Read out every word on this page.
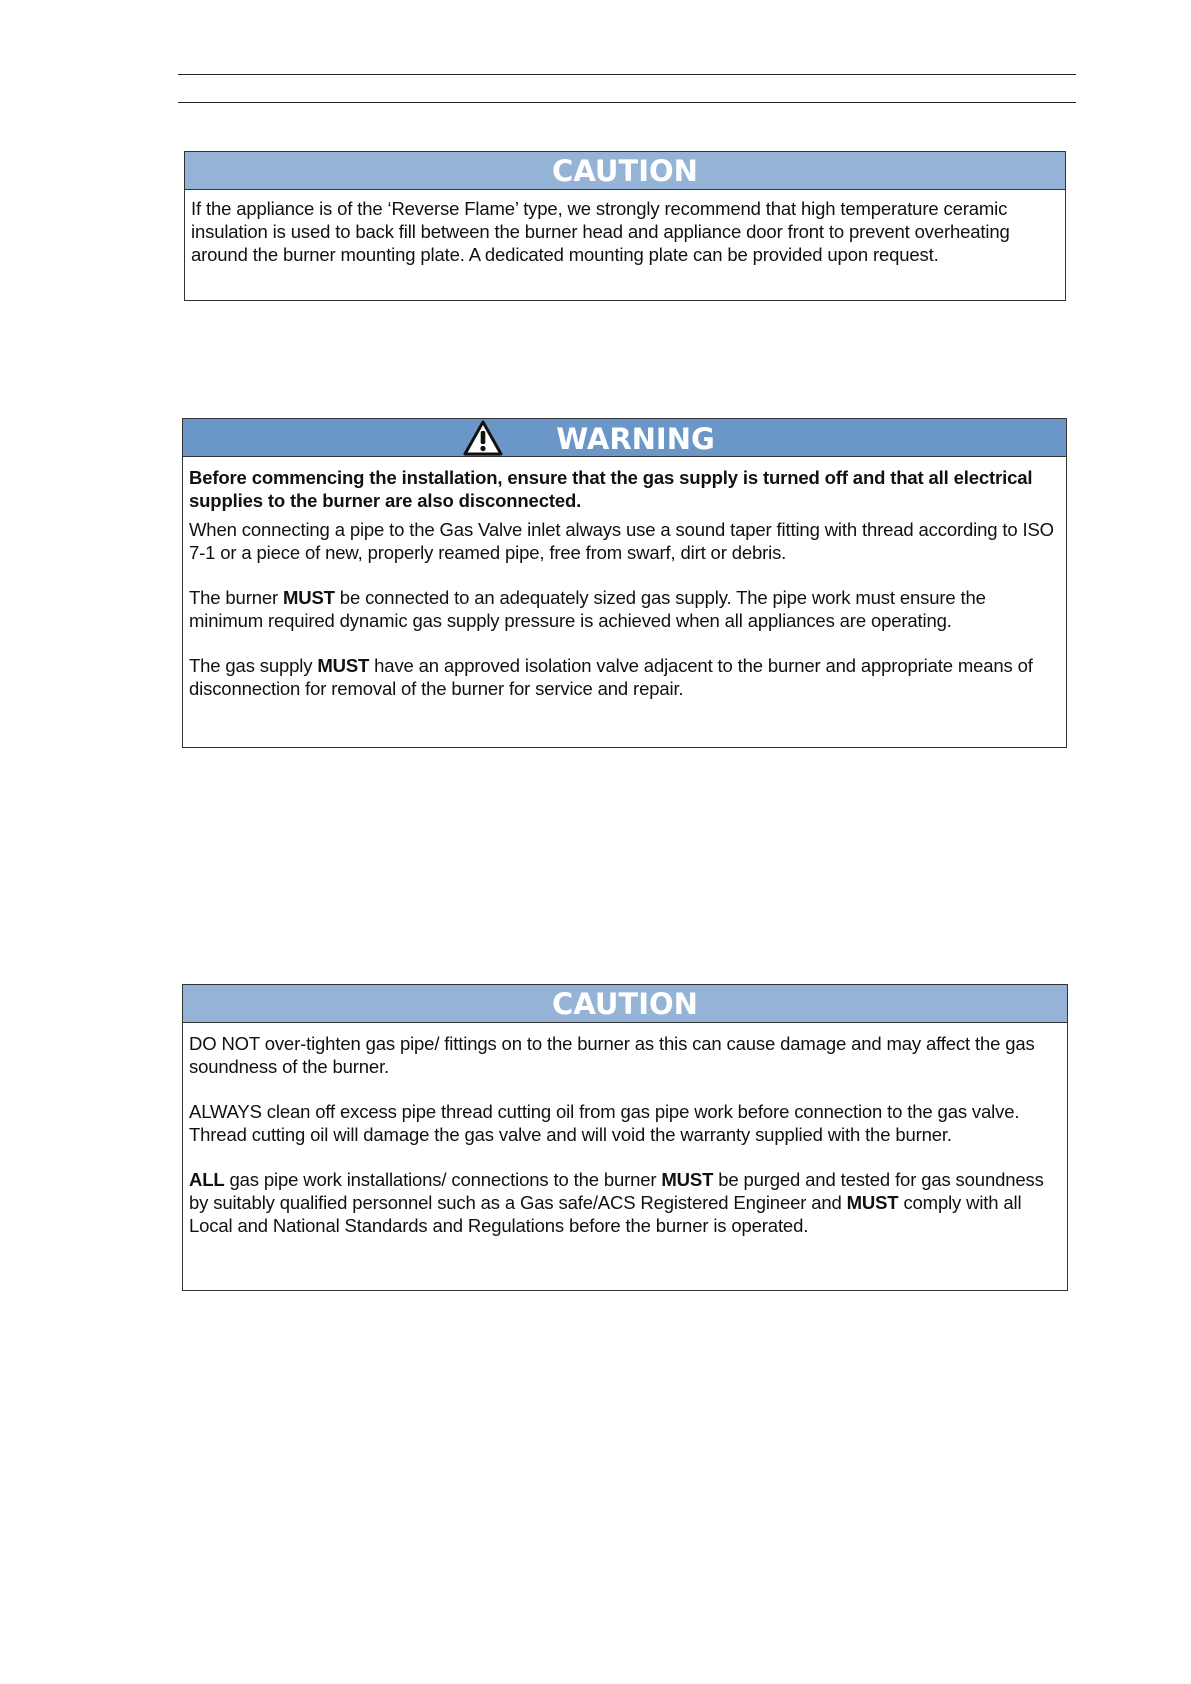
CAUTION

If the appliance is of the ‘Reverse Flame’ type, we strongly recommend that high temperature ceramic insulation is used to back fill between the burner head and appliance door front to prevent overheating around the burner mounting plate. A dedicated mounting plate can be provided upon request.

WARNING

Before commencing the installation, ensure that the gas supply is turned off and that all electrical supplies to the burner are also disconnected.

When connecting a pipe to the Gas Valve inlet always use a sound taper fitting with thread according to ISO 7-1 or a piece of new, properly reamed pipe, free from swarf, dirt or debris.

The burner MUST be connected to an adequately sized gas supply. The pipe work must ensure the minimum required dynamic gas supply pressure is achieved when all appliances are operating.

The gas supply MUST have an approved isolation valve adjacent to the burner and appropriate means of disconnection for removal of the burner for service and repair.

CAUTION

DO NOT over-tighten gas pipe/ fittings on to the burner as this can cause damage and may affect the gas soundness of the burner.

ALWAYS clean off excess pipe thread cutting oil from gas pipe work before connection to the gas valve. Thread cutting oil will damage the gas valve and will void the warranty supplied with the burner.

ALL gas pipe work installations/ connections to the burner MUST be purged and tested for gas soundness by suitably qualified personnel such as a Gas safe/ACS Registered Engineer and MUST comply with all Local and National Standards and Regulations before the burner is operated.
